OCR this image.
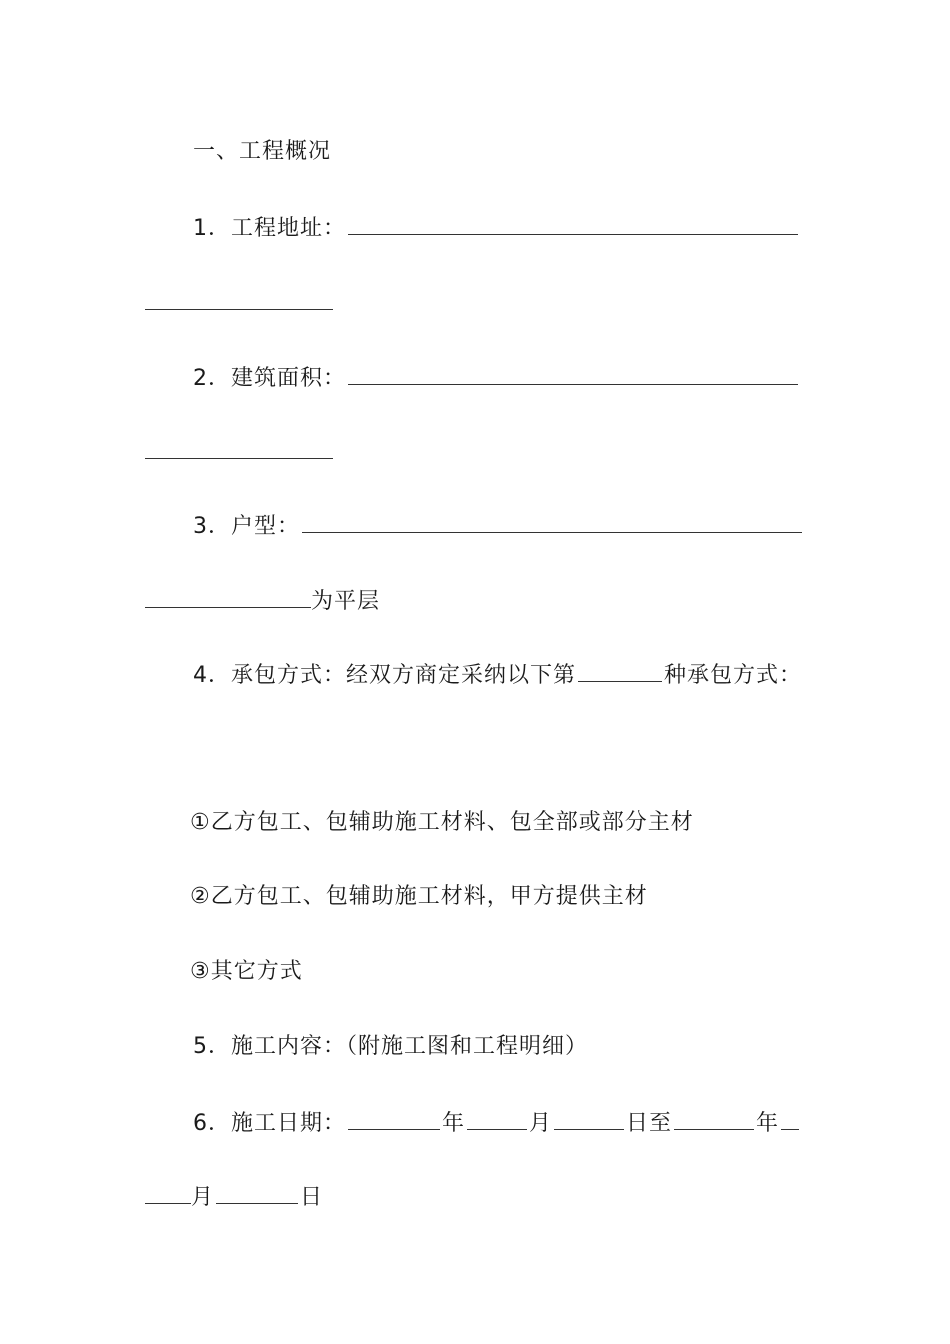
一、工程概况
1．工程地址：
2．建筑面积：
3．户型：
为平层
4．承包方式：经双方商定采纳以下第	种承包方式：
①乙方包工、包辅助施工材料、包全部或部分主材
②乙方包工、包辅助施工材料，甲方提供主材
③其它方式
5．施工内容：（附施工图和工程明细）
6．施工日期：	年	月	日至	年
月	日
